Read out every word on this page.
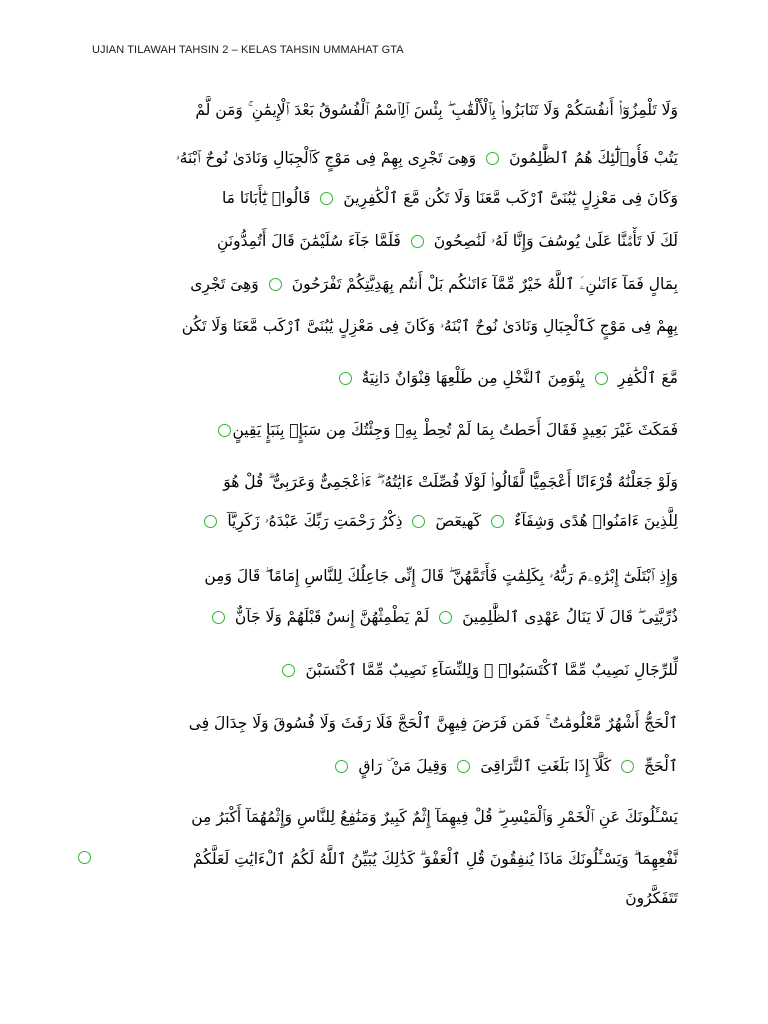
UJIAN TILAWAH TAHSIN 2 – KELAS TAHSIN UMMAHAT GTA
وَلَا تَلْمِزُوٓا۟ أَنفُسَكُمْ وَلَا تَنَابَزُوا۟ بِٱلْأَلْقَٰبِ ۖ بِئْسَ ٱلِٱسْمُ ٱلْفُسُوقُ بَعْدَ ٱلْإِيمَٰنِ ۚ وَمَن لَّمْ
يَتُبْ فَأُو۟لَٰٓئِكَ هُمُ ٱلظَّٰلِمُونَ
وَهِىَ تَجْرِى بِهِمْ فِى مَوْجٍ كَٱلْجِبَالِ وَنَادَىٰ نُوحٌ ٱبْنَهُۥ
وَكَانَ فِى مَعْزِلٍ يَٰبُنَىَّ ٱرْكَب مَّعَنَا وَلَا تَكُن مَّعَ ٱلْكَٰفِرِينَ
قَالُوا۟ يَٰٓأَبَانَا مَا
لَكَ لَا تَأْمَ۫نَّا عَلَىٰ يُوسُفَ وَإِنَّا لَهُۥ لَنَٰصِحُونَ
فَلَمَّا جَآءَ سُلَيْمَٰنَ قَالَ أَتُمِدُّونَنِ
بِمَالٍ فَمَآ ءَاتَىٰنِۦَ ٱللَّهُ خَيْرٌ مِّمَّآ ءَاتَىٰكُم بَلْ أَنتُم بِهَدِيَّتِكُمْ تَفْرَحُونَ
وَهِىَ تَجْرِى
بِهِمْ فِى مَوْجٍ كَٱلْجِبَالِ وَنَادَىٰ نُوحٌ ٱبْنَهُۥ وَكَانَ فِى مَعْزِلٍ يَٰبُنَىَّ ٱرْكَب مَّعَنَا وَلَا تَكُن
مَّعَ ٱلْكَٰفِرِ
يِنْوَمِنَ ٱلنَّخْلِ مِن طَلْعِهَا قِنْوَانٌ دَانِيَةٌ
فَمَكَثَ غَيْرَ بَعِيدٍ فَقَالَ أَحَطتُ بِمَا لَمْ تُحِطْ بِهِۦ وَجِئْتُكَ مِن سَبَإٍۭ بِنَبَإٍ يَقِينٍ
وَلَوْ جَعَلْنَٰهُ قُرْءَانًا أَعْجَمِيًّا لَّقَالُوا۟ لَوْلَا فُصِّلَتْ ءَايَٰتُهُۥٓ ۖ ءَا۬عْجَمِىٌّ وَعَرَبِىٌّ ۗ قُلْ هُوَ
لِلَّذِينَ ءَامَنُوا۟ هُدًى وَشِفَآءٌ
كٓهيعٓصٓ
ذِكْرُ رَحْمَتِ رَبِّكَ عَبْدَهُۥ زَكَرِيَّآ
وَإِذِ ٱبْتَلَىٰٓ إِبْرَٰهِۦمَ رَبُّهُۥ بِكَلِمَٰتٍ فَأَتَمَّهُنَّ ۖ قَالَ إِنِّى جَاعِلُكَ لِلنَّاسِ إِمَامًا ۖ قَالَ وَمِن
ذُرِّيَّتِى ۖ قَالَ لَا يَنَالُ عَهْدِى ٱلظَّٰلِمِينَ
لَمْ يَطْمِثْهُنَّ إِنسٌ قَبْلَهُمْ وَلَا جَآنٌّ
لِّلرِّجَالِ نَصِيبٌ مِّمَّا ٱكْتَسَبُوا۟ ۖ وَلِلنِّسَآءِ نَصِيبٌ مِّمَّا ٱكْتَسَبْنَ
ٱلْحَجُّ أَشْهُرٌ مَّعْلُومَٰتٌ ۚ فَمَن فَرَضَ فِيهِنَّ ٱلْحَجَّ فَلَا رَفَثَ وَلَا فُسُوقَ وَلَا جِدَالَ فِى
ٱلْحَجِّ
كَلَّآ إِذَا بَلَغَتِ ٱلتَّرَاقِىَ
وَقِيلَ مَنْ ۜ رَاقٍ
يَسْـَٔلُونَكَ عَنِ ٱلْخَمْرِ وَٱلْمَيْسِرِ ۖ قُلْ فِيهِمَآ إِثْمٌ كَبِيرٌ وَمَنَٰفِعُ لِلنَّاسِ وَإِثْمُهُمَآ أَكْبَرُ مِن
نَّفْعِهِمَا ۗ وَيَسْـَٔلُونَكَ مَاذَا يُنفِقُونَ قُلِ ٱلْعَفْوَ ۗ كَذَٰلِكَ يُبَيِّنُ ٱللَّهُ لَكُمُ ٱلْءَايَٰتِ لَعَلَّكُمْ
تَتَفَكَّرُونَ
